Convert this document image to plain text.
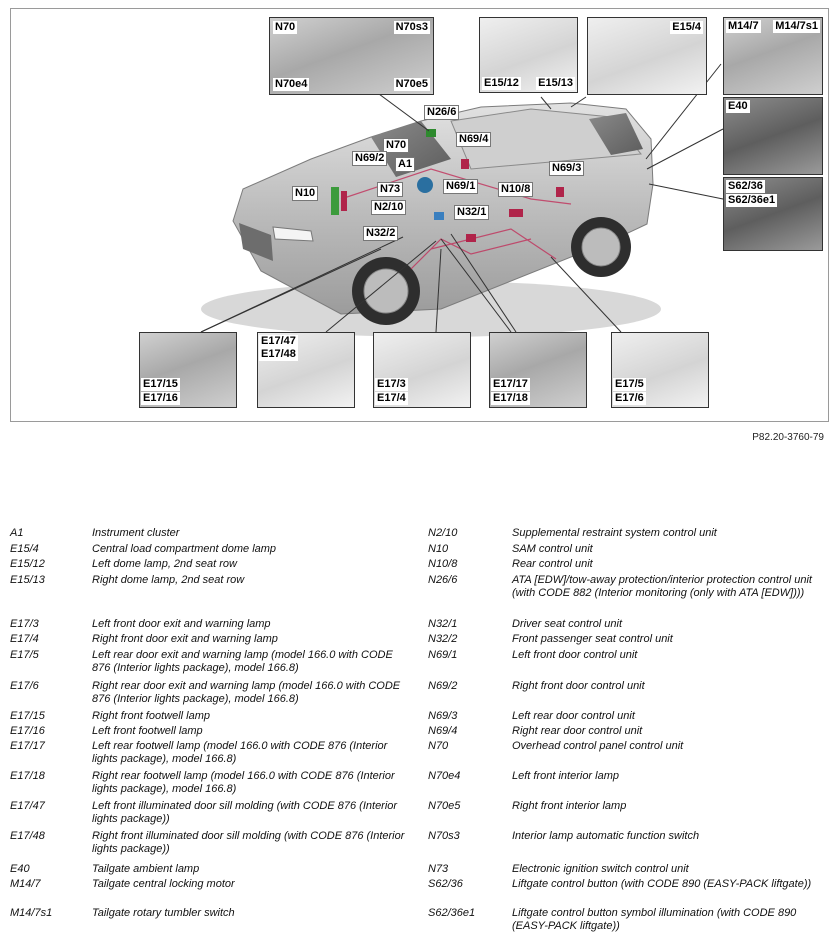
N26/6
N70	N69/4
N69/2 A1
N73
N69/3
N10
N69/1 N10/8
N2/10	N32/1
N32/2
N70	N70s3
N70e4	N70e5	E15/12 E15/13
E15/4 M14/7 M14/7s1
E40
S62/36
S62/36e1
E17/15
E17/16
E17/47
E17/48
E17/3
E17/4
E17/17
E17/18
E17/5
E17/6
P82.20-3760-79
A1	Instrument cluster
E15/4	Central load compartment dome lamp
E15/12	Left dome lamp, 2nd seat row
E15/13	Right dome lamp, 2nd seat row
E17/3	Left front door exit and warning lamp
E17/4	Right front door exit and warning lamp
E17/5	Left rear door exit and warning lamp (model 166.0 with CODE 876 (Interior lights package), model 166.8)
E17/6	Right rear door exit and warning lamp (model 166.0 with CODE 876 (Interior lights package), model 166.8)
E17/15	Right front footwell lamp
E17/16	Left front footwell lamp
E17/17	Left rear footwell lamp (model 166.0 with CODE 876 (Interior lights package), model 166.8)
E17/18	Right rear footwell lamp (model 166.0 with CODE 876 (Interior lights package), model 166.8)
E17/47	Left front illuminated door sill molding (with CODE 876 (Interior lights package))
E17/48	Right front illuminated door sill molding (with CODE 876 (Interior lights package))
E40	Tailgate ambient lamp
M14/7	Tailgate central locking motor
M14/7s1	Tailgate rotary tumbler switch
N2/10	Supplemental restraint system control unit
N10	SAM control unit
N10/8	Rear control unit
N26/6	ATA [EDW]/tow-away protection/interior protection control unit (with CODE 882 (Interior monitoring (only with ATA [EDW])))
N32/1	Driver seat control unit
N32/2	Front passenger seat control unit
N69/1	Left front door control unit
N69/2	Right front door control unit
N69/3	Left rear door control unit
N69/4	Right rear door control unit
N70	Overhead control panel control unit
N70e4	Left front interior lamp
N70e5	Right front interior lamp
N70s3	Interior lamp automatic function switch
N73	Electronic ignition switch control unit
S62/36	Liftgate control button (with CODE 890 (EASY-PACK liftgate))
S62/36e1	Liftgate control button symbol illumination (with CODE 890 (EASY-PACK liftgate))
